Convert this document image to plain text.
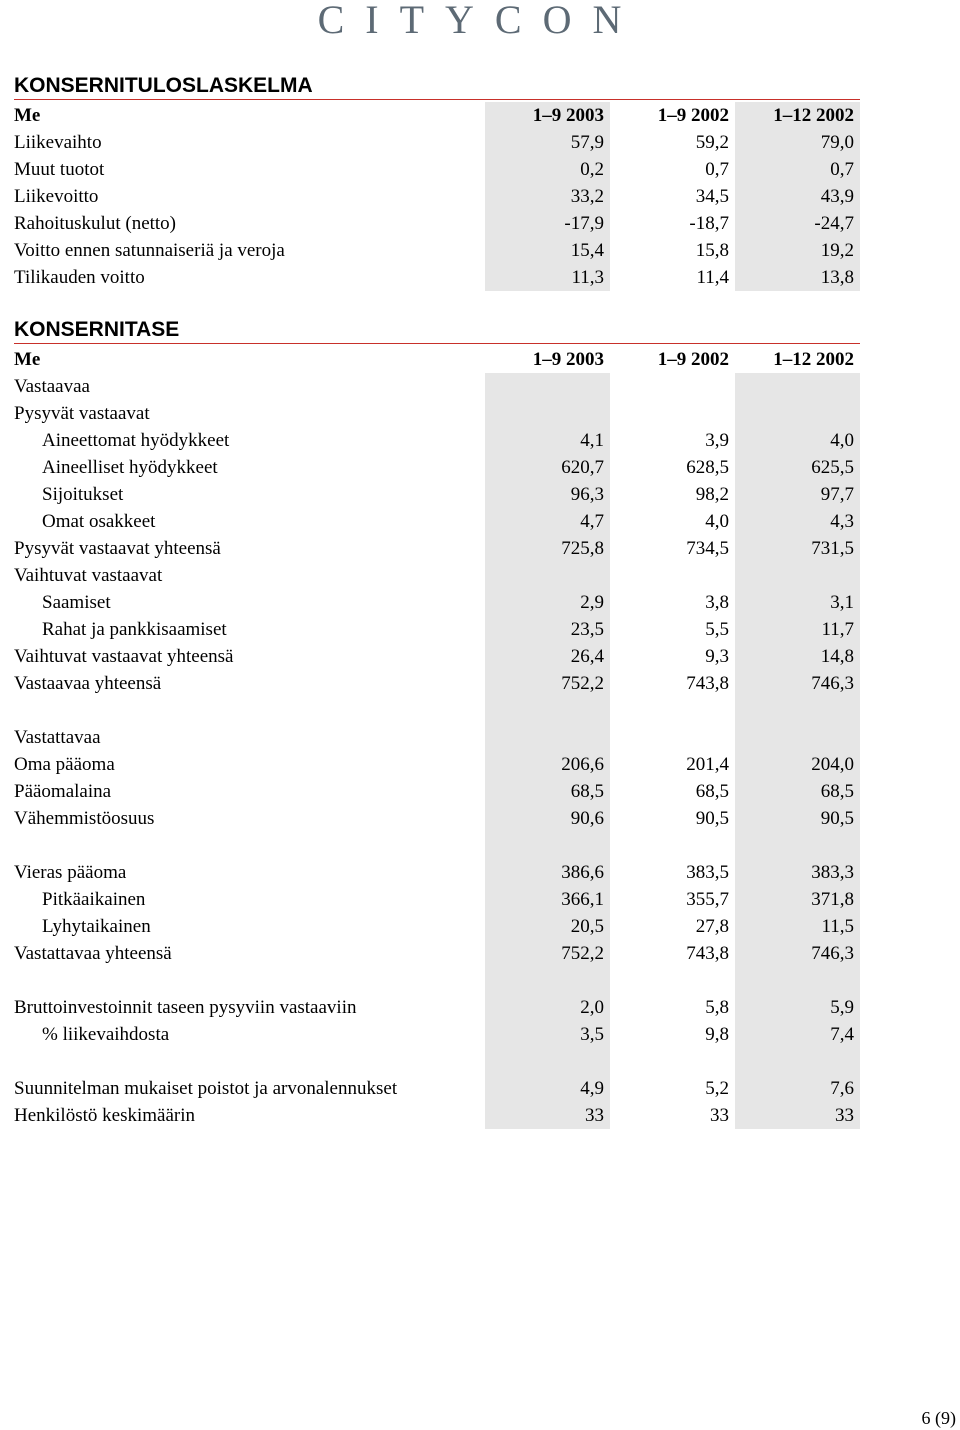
CITYCON
KONSERNITULOSLASKELMA
Me	1–9 2003	1–9 2002	1–12 2002
Liikevaihto	57,9	59,2	79,0
Muut tuotot	0,2	0,7	0,7
Liikevoitto	33,2	34,5	43,9
Rahoituskulut (netto)	-17,9	-18,7	-24,7
Voitto ennen satunnaiseriä ja veroja	15,4	15,8	19,2
Tilikauden voitto	11,3	11,4	13,8
KONSERNITASE
Me	1–9 2003	1–9 2002	1–12 2002
Vastaavaa			
Pysyvät vastaavat			
Aineettomat hyödykkeet	4,1	3,9	4,0
Aineelliset hyödykkeet	620,7	628,5	625,5
Sijoitukset	96,3	98,2	97,7
Omat osakkeet	4,7	4,0	4,3
Pysyvät vastaavat yhteensä	725,8	734,5	731,5
Vaihtuvat vastaavat			
Saamiset	2,9	3,8	3,1
Rahat ja pankkisaamiset	23,5	5,5	11,7
Vaihtuvat vastaavat yhteensä	26,4	9,3	14,8
Vastaavaa yhteensä	752,2	743,8	746,3

Vastattavaa			
Oma pääoma	206,6	201,4	204,0
Pääomalaina	68,5	68,5	68,5
Vähemmistöosuus	90,6	90,5	90,5

Vieras pääoma	386,6	383,5	383,3
Pitkäaikainen	366,1	355,7	371,8
Lyhytaikainen	20,5	27,8	11,5
Vastattavaa yhteensä	752,2	743,8	746,3

Bruttoinvestoinnit taseen pysyviin vastaaviin	2,0	5,8	5,9
% liikevaihdosta	3,5	9,8	7,4
Suunnitelman mukaiset poistot ja arvonalennukset	4,9	5,2	7,6
Henkilöstö keskimäärin	33	33	33
6 (9)
